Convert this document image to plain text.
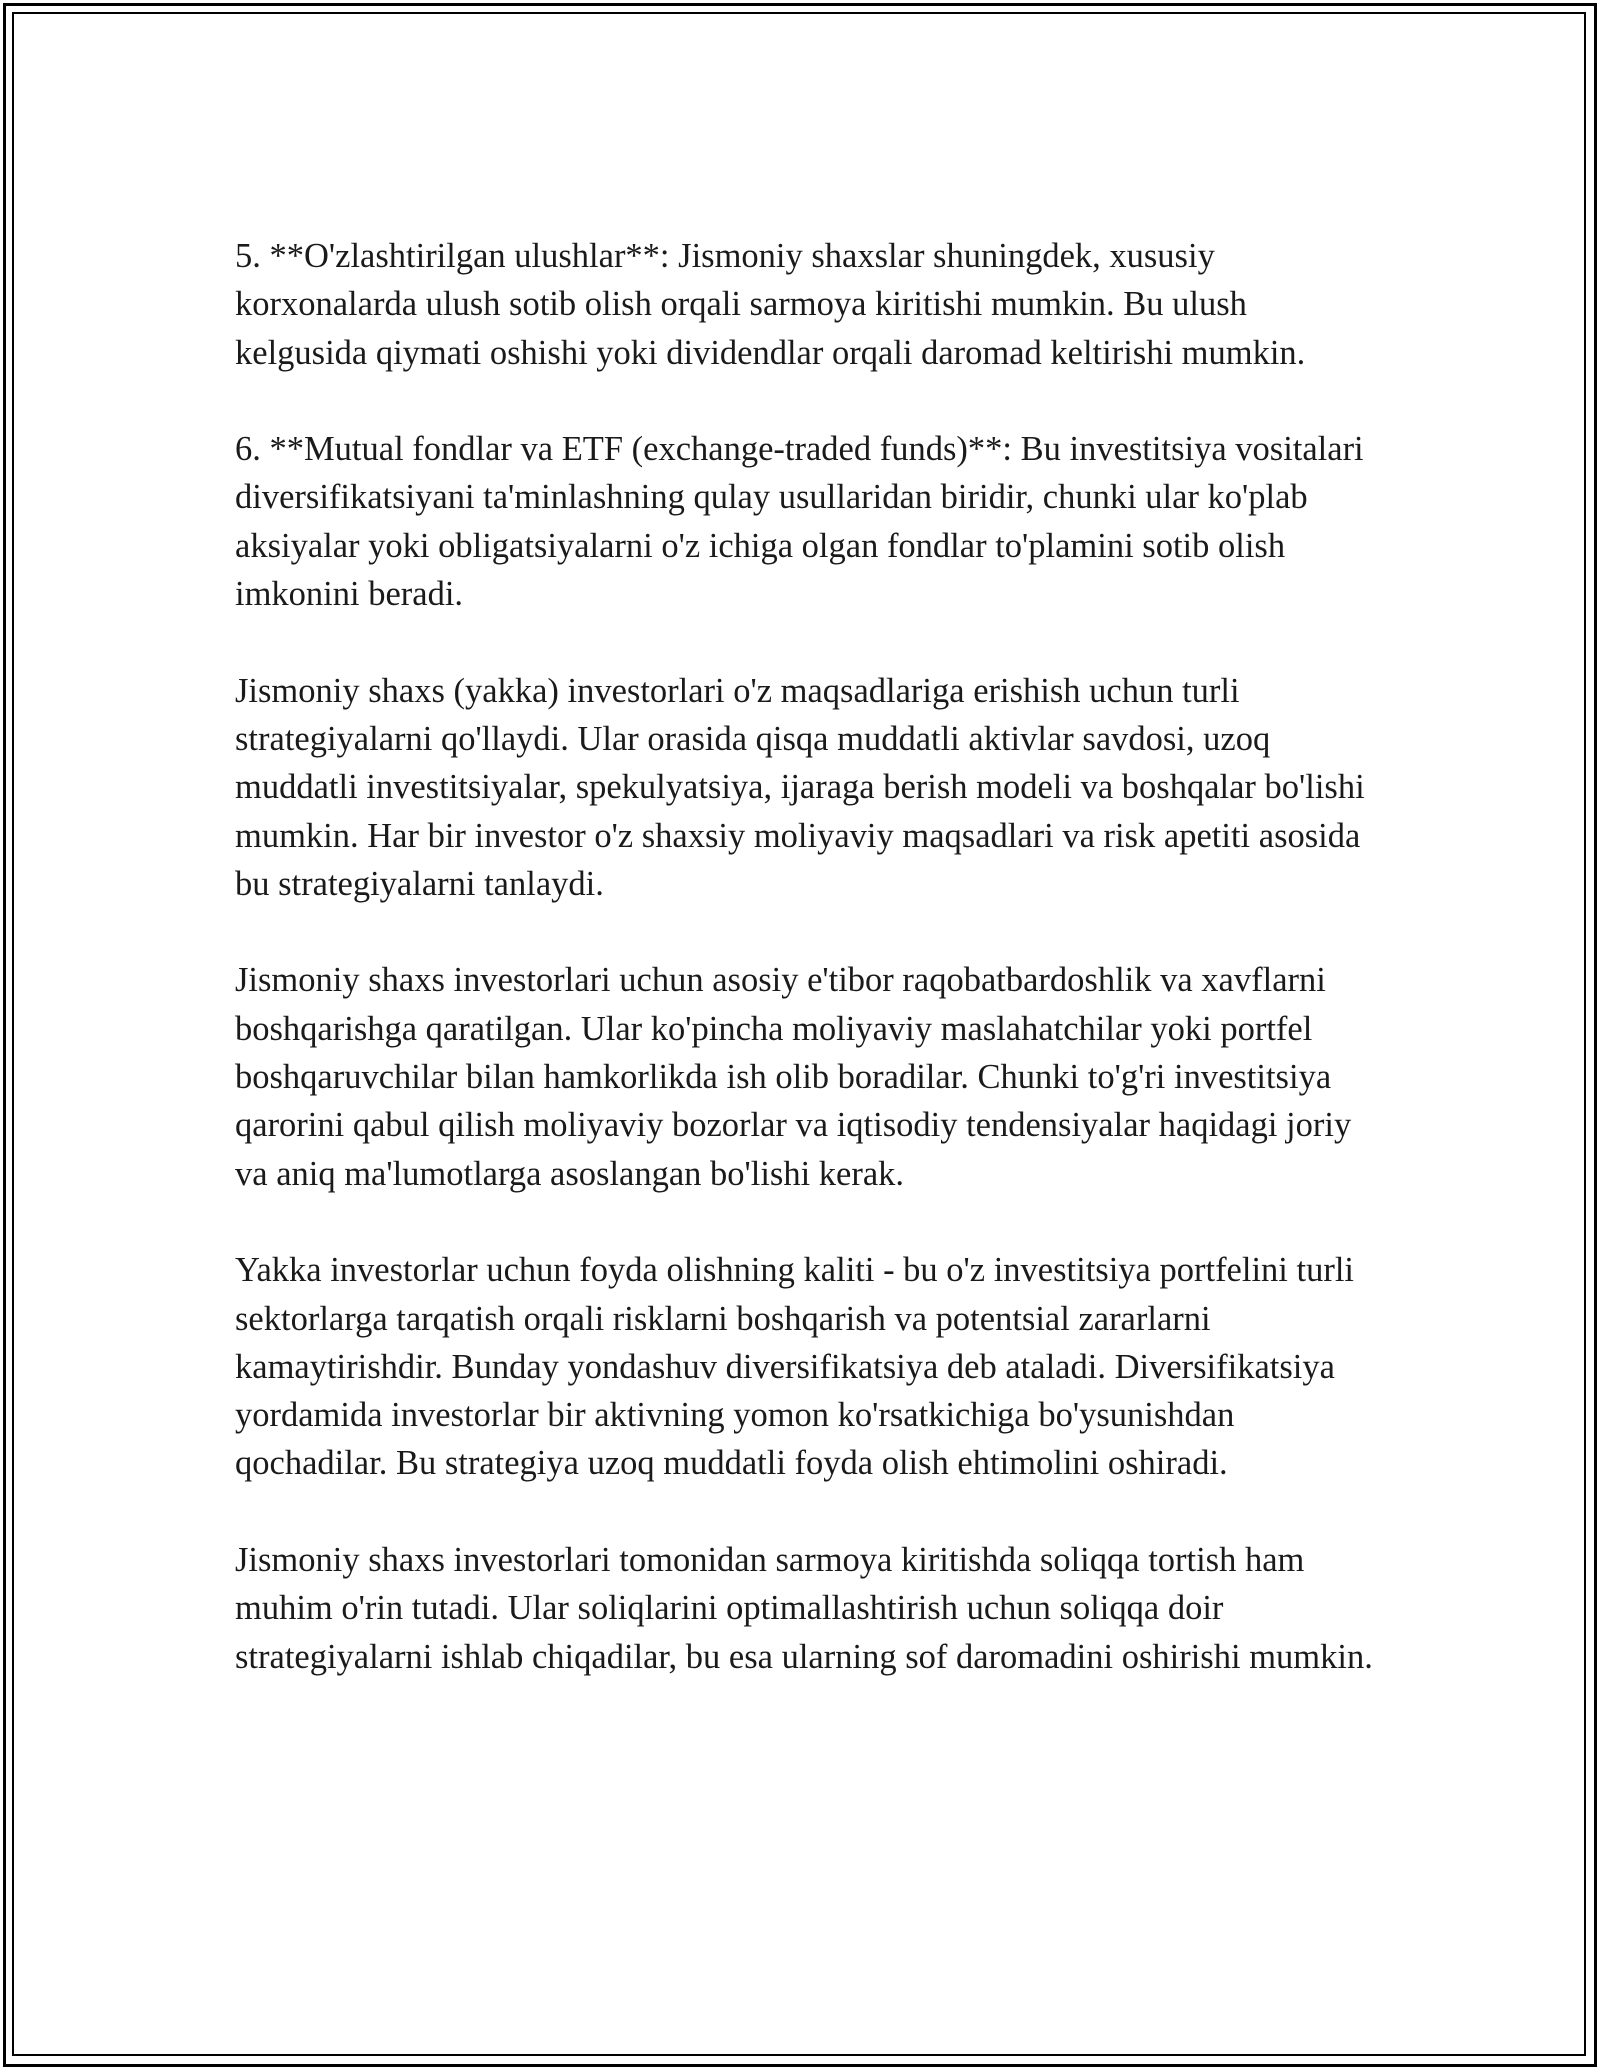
5. **O'zlashtirilgan ulushlar**: Jismoniy shaxslar shuningdek, xususiy korxonalarda ulush sotib olish orqali sarmoya kiritishi mumkin. Bu ulush kelgusida qiymati oshishi yoki dividendlar orqali daromad keltirishi mumkin.

6. **Mutual fondlar va ETF (exchange-traded funds)**: Bu investitsiya vositalari diversifikatsiyani ta'minlashning qulay usullaridan biridir, chunki ular ko'plab aksiyalar yoki obligatsiyalarni o'z ichiga olgan fondlar to'plamini sotib olish imkonini beradi.

Jismoniy shaxs (yakka) investorlari o'z maqsadlariga erishish uchun turli strategiyalarni qo'llaydi. Ular orasida qisqa muddatli aktivlar savdosi, uzoq muddatli investitsiyalar, spekulyatsiya, ijaraga berish modeli va boshqalar bo'lishi mumkin. Har bir investor o'z shaxsiy moliyaviy maqsadlari va risk apetiti asosida bu strategiyalarni tanlaydi.

Jismoniy shaxs investorlari uchun asosiy e'tibor raqobatbardoshlik va xavflarni boshqarishga qaratilgan. Ular ko'pincha moliyaviy maslahatchilar yoki portfel boshqaruvchilar bilan hamkorlikda ish olib boradilar. Chunki to'g'ri investitsiya qarorini qabul qilish moliyaviy bozorlar va iqtisodiy tendensiyalar haqidagi joriy va aniq ma'lumotlarga asoslangan bo'lishi kerak.

Yakka investorlar uchun foyda olishning kaliti - bu o'z investitsiya portfelini turli sektorlarga tarqatish orqali risklarni boshqarish va potentsial zararlarni kamaytirishdir. Bunday yondashuv diversifikatsiya deb ataladi. Diversifikatsiya yordamida investorlar bir aktivning yomon ko'rsatkichiga bo'ysunishdan qochadilar. Bu strategiya uzoq muddatli foyda olish ehtimolini oshiradi.

Jismoniy shaxs investorlari tomonidan sarmoya kiritishda soliqqa tortish ham muhim o'rin tutadi. Ular soliqlarini optimallashtirish uchun soliqqa doir strategiyalarni ishlab chiqadilar, bu esa ularning sof daromadini oshirishi mumkin.
